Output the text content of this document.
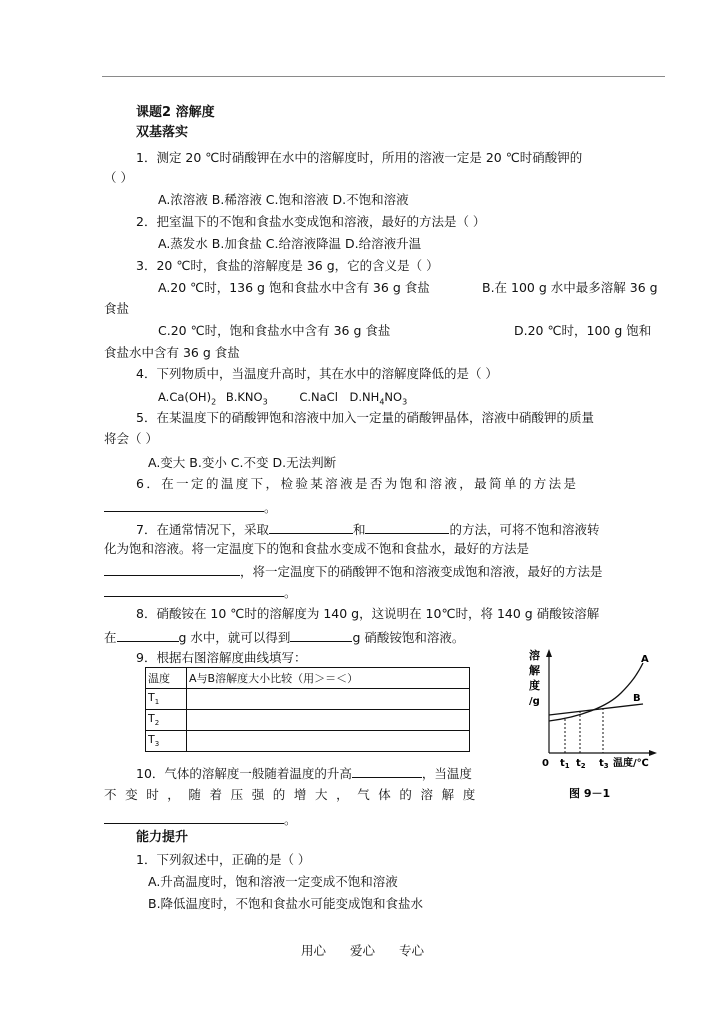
课题2 溶解度
双基落实
1．测定 20 ℃时硝酸钾在水中的溶解度时，所用的溶液一定是 20 ℃时硝酸钾的
（ ）
A.浓溶液 B.稀溶液 C.饱和溶液 D.不饱和溶液
2．把室温下的不饱和食盐水变成饱和溶液，最好的方法是（ ）
A.蒸发水 B.加食盐 C.给溶液降温 D.给溶液升温
3．20 ℃时，食盐的溶解度是 36 g，它的含义是（ ）
A.20 ℃时，136 g 饱和食盐水中含有 36 g 食盐	B.在 100 g 水中最多溶解 36 g
食盐
C.20 ℃时，饱和食盐水中含有 36 g 食盐	D.20 ℃时，100 g 饱和
食盐水中含有 36 g 食盐
4．下列物质中，当温度升高时，其在水中的溶解度降低的是（ ）
$A.Ca(OH)_2$ $B.KNO_3$	C.NaCl $D.NH_4NO_3$
5．在某温度下的硝酸钾饱和溶液中加入一定量的硝酸钾晶体，溶液中硝酸钾的质量
将会（ ）
A.变大 B.变小 C.不变 D.无法判断
6．在一定的温度下，检验某溶液是否为饱和溶液，最简单的方法是
。
7．在通常情况下，采取	和	的方法，可将不饱和溶液转
化为饱和溶液。将一定温度下的饱和食盐水变成不饱和食盐水，最好的方法是
，将一定温度下的硝酸钾不饱和溶液变成饱和溶液，最好的方法是
。
8．硝酸铵在 10 ℃时的溶解度为 140 g，这说明在 10℃时，将 140 g 硝酸铵溶解
在	g 水中，就可以得到	g 硝酸铵饱和溶液。
9．根据右图溶解度曲线填写：
温度	A与B溶解度大小比较（用＞＝＜）
$T_1$	
$T_2$	
$T_3$	
溶
解
度
/g
A
B
0 $t_1$ $t_2$ $t_3$ 温度/℃
图 9－1
10．气体的溶解度一般随着温度的升高	，当温度
不变时，随着压强的增大，气体的溶解度
。
能力提升
1．下列叙述中，正确的是（ ）
A.升高温度时，饱和溶液一定变成不饱和溶液
B.降低温度时，不饱和食盐水可能变成饱和食盐水
用心 爱心 专心
